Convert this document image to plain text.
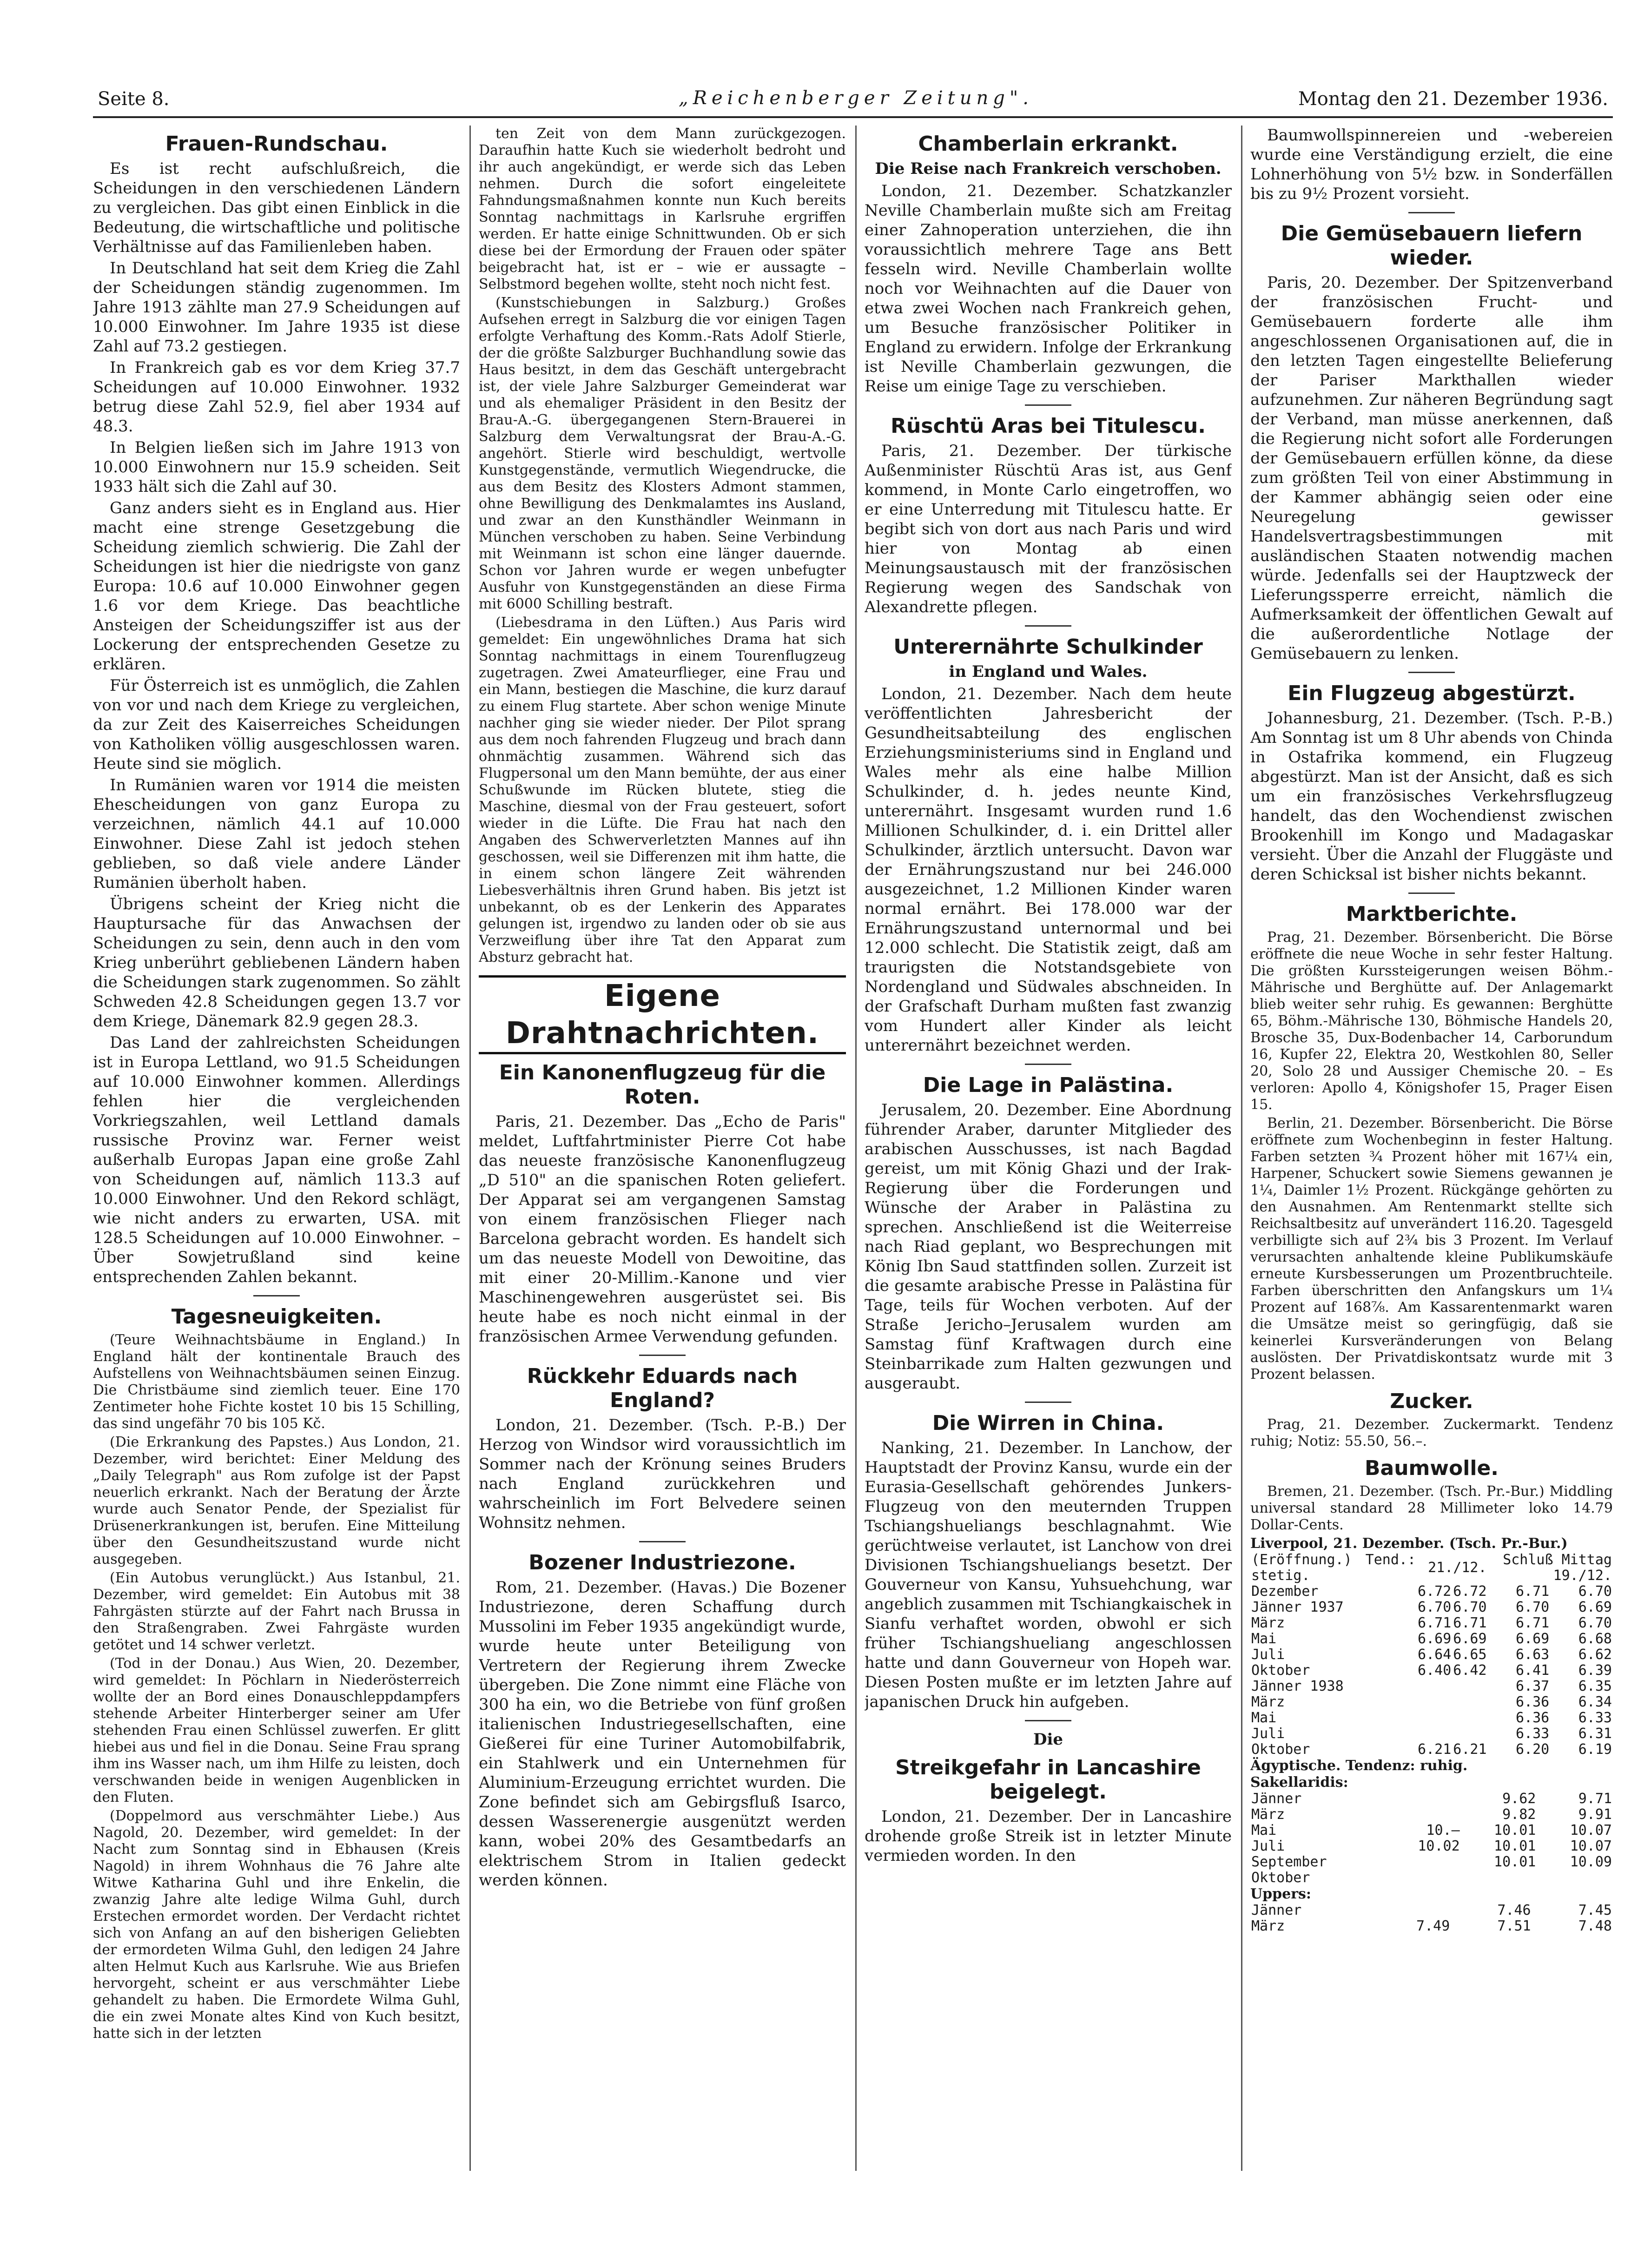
Seite 8.	„Reichenberger Zeitung".	Montag den 21. Dezember 1936.
Frauen-Rundschau.

Es ist recht aufschlußreich, die Scheidungen in den verschiedenen Ländern zu vergleichen. Das gibt einen Einblick in die Bedeutung, die wirtschaftliche und politische Verhältnisse auf das Familienleben haben.

In Deutschland hat seit dem Krieg die Zahl der Scheidungen ständig zugenommen. Im Jahre 1913 zählte man 27.9 Scheidungen auf 10.000 Einwohner. Im Jahre 1935 ist diese Zahl auf 73.2 gestiegen.

In Frankreich gab es vor dem Krieg 37.7 Scheidungen auf 10.000 Einwohner. 1932 betrug diese Zahl 52.9, fiel aber 1934 auf 48.3.

In Belgien ließen sich im Jahre 1913 von 10.000 Einwohnern nur 15.9 scheiden. Seit 1933 hält sich die Zahl auf 30.

Ganz anders sieht es in England aus. Hier macht eine strenge Gesetzgebung die Scheidung ziemlich schwierig. Die Zahl der Scheidungen ist hier die niedrigste von ganz Europa: 10.6 auf 10.000 Einwohner gegen 1.6 vor dem Kriege. Das beachtliche Ansteigen der Scheidungsziffer ist aus der Lockerung der entsprechenden Gesetze zu erklären.

Für Österreich ist es unmöglich, die Zahlen von vor und nach dem Kriege zu vergleichen, da zur Zeit des Kaiserreiches Scheidungen von Katholiken völlig ausgeschlossen waren. Heute sind sie möglich.

In Rumänien waren vor 1914 die meisten Ehescheidungen von ganz Europa zu verzeichnen, nämlich 44.1 auf 10.000 Einwohner. Diese Zahl ist jedoch stehen geblieben, so daß viele andere Länder Rumänien überholt haben.

Übrigens scheint der Krieg nicht die Hauptursache für das Anwachsen der Scheidungen zu sein, denn auch in den vom Krieg unberührt gebliebenen Ländern haben die Scheidungen stark zugenommen. So zählt Schweden 42.8 Scheidungen gegen 13.7 vor dem Kriege, Dänemark 82.9 gegen 28.3.

Das Land der zahlreichsten Scheidungen ist in Europa Lettland, wo 91.5 Scheidungen auf 10.000 Einwohner kommen. Allerdings fehlen hier die vergleichenden Vorkriegszahlen, weil Lettland damals russische Provinz war. Ferner weist außerhalb Europas Japan eine große Zahl von Scheidungen auf, nämlich 113.3 auf 10.000 Einwohner. Und den Rekord schlägt, wie nicht anders zu erwarten, USA. mit 128.5 Scheidungen auf 10.000 Einwohner. – Über Sowjetrußland sind keine entsprechenden Zahlen bekannt.

Tagesneuigkeiten.

(Teure Weihnachtsbäume in England.) In England hält der kontinentale Brauch des Aufstellens von Weihnachtsbäumen seinen Einzug. Die Christbäume sind ziemlich teuer. Eine 170 Zentimeter hohe Fichte kostet 10 bis 15 Schilling, das sind ungefähr 70 bis 105 Kč.

(Die Erkrankung des Papstes.) Aus London, 21. Dezember, wird berichtet: Einer Meldung des „Daily Telegraph" aus Rom zufolge ist der Papst neuerlich erkrankt. Nach der Beratung der Ärzte wurde auch Senator Pende, der Spezialist für Drüsenerkrankungen ist, berufen. Eine Mitteilung über den Gesundheitszustand wurde nicht ausgegeben.

(Ein Autobus verunglückt.) Aus Istanbul, 21. Dezember, wird gemeldet: Ein Autobus mit 38 Fahrgästen stürzte auf der Fahrt nach Brussa in den Straßengraben. Zwei Fahrgäste wurden getötet und 14 schwer verletzt.

(Tod in der Donau.) Aus Wien, 20. Dezember, wird gemeldet: In Pöchlarn in Niederösterreich wollte der an Bord eines Donauschleppdampfers stehende Arbeiter Hinterberger seiner am Ufer stehenden Frau einen Schlüssel zuwerfen. Er glitt hiebei aus und fiel in die Donau. Seine Frau sprang ihm ins Wasser nach, um ihm Hilfe zu leisten, doch verschwanden beide in wenigen Augenblicken in den Fluten.

(Doppelmord aus verschmähter Liebe.) Aus Nagold, 20. Dezember, wird gemeldet: In der Nacht zum Sonntag sind in Ebhausen (Kreis Nagold) in ihrem Wohnhaus die 76 Jahre alte Witwe Katharina Guhl und ihre Enkelin, die zwanzig Jahre alte ledige Wilma Guhl, durch Erstechen ermordet worden. Der Verdacht richtet sich von Anfang an auf den bisherigen Geliebten der ermordeten Wilma Guhl, den ledigen 24 Jahre alten Helmut Kuch aus Karlsruhe. Wie aus Briefen hervorgeht, scheint er aus verschmähter Liebe gehandelt zu haben. Die Ermordete Wilma Guhl, die ein zwei Monate altes Kind von Kuch besitzt, hatte sich in der letzten

ten Zeit von dem Mann zurückgezogen. Daraufhin hatte Kuch sie wiederholt bedroht und ihr auch angekündigt, er werde sich das Leben nehmen. Durch die sofort eingeleitete Fahndungsmaßnahmen konnte nun Kuch bereits Sonntag nachmittags in Karlsruhe ergriffen werden. Er hatte einige Schnittwunden. Ob er sich diese bei der Ermordung der Frauen oder später beigebracht hat, ist er – wie er aussagte – Selbstmord begehen wollte, steht noch nicht fest.

(Kunstschiebungen in Salzburg.) Großes Aufsehen erregt in Salzburg die vor einigen Tagen erfolgte Verhaftung des Komm.-Rats Adolf Stierle, der die größte Salzburger Buchhandlung sowie das Haus besitzt, in dem das Geschäft untergebracht ist, der viele Jahre Salzburger Gemeinderat war und als ehemaliger Präsident in den Besitz der Brau-A.-G. übergegangenen Stern-Brauerei in Salzburg dem Verwaltungsrat der Brau-A.-G. angehört. Stierle wird beschuldigt, wertvolle Kunstgegenstände, vermutlich Wiegendrucke, die aus dem Besitz des Klosters Admont stammen, ohne Bewilligung des Denkmalamtes ins Ausland, und zwar an den Kunsthändler Weinmann in München verschoben zu haben. Seine Verbindung mit Weinmann ist schon eine länger dauernde. Schon vor Jahren wurde er wegen unbefugter Ausfuhr von Kunstgegenständen an diese Firma mit 6000 Schilling bestraft.

(Liebesdrama in den Lüften.) Aus Paris wird gemeldet: Ein ungewöhnliches Drama hat sich Sonntag nachmittags in einem Tourenflugzeug zugetragen. Zwei Amateurflieger, eine Frau und ein Mann, bestiegen die Maschine, die kurz darauf zu einem Flug startete. Aber schon wenige Minute nachher ging sie wieder nieder. Der Pilot sprang aus dem noch fahrenden Flugzeug und brach dann ohnmächtig zusammen. Während sich das Flugpersonal um den Mann bemühte, der aus einer Schußwunde im Rücken blutete, stieg die Maschine, diesmal von der Frau gesteuert, sofort wieder in die Lüfte. Die Frau hat nach den Angaben des Schwerverletzten Mannes auf ihn geschossen, weil sie Differenzen mit ihm hatte, die in einem schon längere Zeit währenden Liebesverhältnis ihren Grund haben. Bis jetzt ist unbekannt, ob es der Lenkerin des Apparates gelungen ist, irgendwo zu landen oder ob sie aus Verzweiflung über ihre Tat den Apparat zum Absturz gebracht hat.

Eigene Drahtnachrichten.
Ein Kanonenflugzeug für die Roten.

Paris, 21. Dezember. Das „Echo de Paris" meldet, Luftfahrtminister Pierre Cot habe das neueste französische Kanonenflugzeug „D 510" an die spanischen Roten geliefert. Der Apparat sei am vergangenen Samstag von einem französischen Flieger nach Barcelona gebracht worden. Es handelt sich um das neueste Modell von Dewoitine, das mit einer 20-Millim.-Kanone und vier Maschinengewehren ausgerüstet sei. Bis heute habe es noch nicht einmal in der französischen Armee Verwendung gefunden.

Rückkehr Eduards nach England?

London, 21. Dezember. (Tsch. P.-B.) Der Herzog von Windsor wird voraussichtlich im Sommer nach der Krönung seines Bruders nach England zurückkehren und wahrscheinlich im Fort Belvedere seinen Wohnsitz nehmen.

Bozener Industriezone.

Rom, 21. Dezember. (Havas.) Die Bozener Industriezone, deren Schaffung durch Mussolini im Feber 1935 angekündigt wurde, wurde heute unter Beteiligung von Vertretern der Regierung ihrem Zwecke übergeben. Die Zone nimmt eine Fläche von 300 ha ein, wo die Betriebe von fünf großen italienischen Industriegesellschaften, eine Gießerei für eine Turiner Automobilfabrik, ein Stahlwerk und ein Unternehmen für Aluminium-Erzeugung errichtet wurden. Die Zone befindet sich am Gebirgsfluß Isarco, dessen Wasserenergie ausgenützt werden kann, wobei 20% des Gesamtbedarfs an elektrischem Strom in Italien gedeckt werden können.

Chamberlain erkrankt.
Die Reise nach Frankreich verschoben.

London, 21. Dezember. Schatzkanzler Neville Chamberlain mußte sich am Freitag einer Zahnoperation unterziehen, die ihn voraussichtlich mehrere Tage ans Bett fesseln wird. Neville Chamberlain wollte noch vor Weihnachten auf die Dauer von etwa zwei Wochen nach Frankreich gehen, um Besuche französischer Politiker in England zu erwidern. Infolge der Erkrankung ist Neville Chamberlain gezwungen, die Reise um einige Tage zu verschieben.

Rüschtü Aras bei Titulescu.

Paris, 21. Dezember. Der türkische Außenminister Rüschtü Aras ist, aus Genf kommend, in Monte Carlo eingetroffen, wo er eine Unterredung mit Titulescu hatte. Er begibt sich von dort aus nach Paris und wird hier von Montag ab einen Meinungsaustausch mit der französischen Regierung wegen des Sandschak von Alexandrette pflegen.

Unterernährte Schulkinder
in England und Wales.

London, 21. Dezember. Nach dem heute veröffentlichten Jahresbericht der Gesundheitsabteilung des englischen Erziehungsministeriums sind in England und Wales mehr als eine halbe Million Schulkinder, d. h. jedes neunte Kind, unterernährt. Insgesamt wurden rund 1.6 Millionen Schulkinder, d. i. ein Drittel aller Schulkinder, ärztlich untersucht. Davon war der Ernährungszustand nur bei 246.000 ausgezeichnet, 1.2 Millionen Kinder waren normal ernährt. Bei 178.000 war der Ernährungszustand unternormal und bei 12.000 schlecht. Die Statistik zeigt, daß am traurigsten die Notstandsgebiete von Nordengland und Südwales abschneiden. In der Grafschaft Durham mußten fast zwanzig vom Hundert aller Kinder als leicht unterernährt bezeichnet werden.

Die Lage in Palästina.

Jerusalem, 20. Dezember. Eine Abordnung führender Araber, darunter Mitglieder des arabischen Ausschusses, ist nach Bagdad gereist, um mit König Ghazi und der Irak-Regierung über die Forderungen und Wünsche der Araber in Palästina zu sprechen. Anschließend ist die Weiterreise nach Riad geplant, wo Besprechungen mit König Ibn Saud stattfinden sollen. Zurzeit ist die gesamte arabische Presse in Palästina für Tage, teils für Wochen verboten. Auf der Straße Jericho–Jerusalem wurden am Samstag fünf Kraftwagen durch eine Steinbarrikade zum Halten gezwungen und ausgeraubt.

Die Wirren in China.

Nanking, 21. Dezember. In Lanchow, der Hauptstadt der Provinz Kansu, wurde ein der Eurasia-Gesellschaft gehörendes Junkers-Flugzeug von den meuternden Truppen Tschiangshueliangs beschlagnahmt. Wie gerüchtweise verlautet, ist Lanchow von drei Divisionen Tschiangshueliangs besetzt. Der Gouverneur von Kansu, Yuhsuehchung, war angeblich zusammen mit Tschiangkaischek in Sianfu verhaftet worden, obwohl er sich früher Tschiangshueliang angeschlossen hatte und dann Gouverneur von Hopeh war. Diesen Posten mußte er im letzten Jahre auf japanischen Druck hin aufgeben.

Die
Streikgefahr in Lancashire beigelegt.

London, 21. Dezember. Der in Lancashire drohende große Streik ist in letzter Minute vermieden worden. In den

Baumwollspinnereien und -webereien wurde eine Verständigung erzielt, die eine Lohnerhöhung von 5½ bzw. in Sonderfällen bis zu 9½ Prozent vorsieht.

Die Gemüsebauern liefern wieder.

Paris, 20. Dezember. Der Spitzenverband der französischen Frucht- und Gemüsebauern forderte alle ihm angeschlossenen Organisationen auf, die in den letzten Tagen eingestellte Belieferung der Pariser Markthallen wieder aufzunehmen. Zur näheren Begründung sagt der Verband, man müsse anerkennen, daß die Regierung nicht sofort alle Forderungen der Gemüsebauern erfüllen könne, da diese zum größten Teil von einer Abstimmung in der Kammer abhängig seien oder eine Neuregelung gewisser Handelsvertragsbestimmungen mit ausländischen Staaten notwendig machen würde. Jedenfalls sei der Hauptzweck der Lieferungssperre erreicht, nämlich die Aufmerksamkeit der öffentlichen Gewalt auf die außerordentliche Notlage der Gemüsebauern zu lenken.

Ein Flugzeug abgestürzt.

Johannesburg, 21. Dezember. (Tsch. P.-B.) Am Sonntag ist um 8 Uhr abends von Chinda in Ostafrika kommend, ein Flugzeug abgestürzt. Man ist der Ansicht, daß es sich um ein französisches Verkehrsflugzeug handelt, das den Wochendienst zwischen Brookenhill im Kongo und Madagaskar versieht. Über die Anzahl der Fluggäste und deren Schicksal ist bisher nichts bekannt.

Marktberichte.

Prag, 21. Dezember. Börsenbericht. Die Börse eröffnete die neue Woche in sehr fester Haltung. Die größten Kurssteigerungen weisen Böhm.-Mährische und Berghütte auf. Der Anlagemarkt blieb weiter sehr ruhig. Es gewannen: Berghütte 65, Böhm.-Mährische 130, Böhmische Handels 20, Brosche 35, Dux-Bodenbacher 14, Carborundum 16, Kupfer 22, Elektra 20, Westkohlen 80, Seller 20, Solo 28 und Aussiger Chemische 20. – Es verloren: Apollo 4, Königshofer 15, Prager Eisen 15.

Berlin, 21. Dezember. Börsenbericht. Die Börse eröffnete zum Wochenbeginn in fester Haltung. Farben setzten ¾ Prozent höher mit 167¼ ein, Harpener, Schuckert sowie Siemens gewannen je 1¼, Daimler 1½ Prozent. Rückgänge gehörten zu den Ausnahmen. Am Rentenmarkt stellte sich Reichsaltbesitz auf unverändert 116.20. Tagesgeld verbilligte sich auf 2¾ bis 3 Prozent. Im Verlauf verursachten anhaltende kleine Publikumskäufe erneute Kursbesserungen um Prozentbruchteile. Farben überschritten den Anfangskurs um 1¼ Prozent auf 168⅞. Am Kassarentenmarkt waren die Umsätze meist so geringfügig, daß sie keinerlei Kursveränderungen von Belang auslösten. Der Privatdiskontsatz wurde mit 3 Prozent belassen.

Zucker.

Prag, 21. Dezember. Zuckermarkt. Tendenz ruhig; Notiz: 55.50, 56.–.

Baumwolle.

Bremen, 21. Dezember. (Tsch. Pr.-Bur.) Middling universal standard 28 Millimeter loko 14.79 Dollar-Cents.

Liverpool, 21. Dezember. (Tsch. Pr.-Bur.)
(Eröffnung.) Tend.: stetig.	21./12.		Schluß Mittag 19./12.	
Dezember	6.72	6.72	6.71	6.70
Jänner 1937	6.70	6.70	6.70	6.69
März	6.71	6.71	6.71	6.70
Mai	6.69	6.69	6.69	6.68
Juli	6.64	6.65	6.63	6.62
Oktober	6.40	6.42	6.41	6.39
Jänner 1938			6.37	6.35
März			6.36	6.34
Mai			6.36	6.33
Juli			6.33	6.31
Oktober	6.21	6.21	6.20	6.19
Ägyptische. Tendenz: ruhig.
Sakellaridis:
Jänner		9.62	9.71
März		9.82	9.91
Mai	10.–	10.01	10.07
Juli	10.02	10.01	10.07
September		10.01	10.09
Oktober			
Uppers:
Jänner		7.46	7.45
März	7.49	7.51	7.48
